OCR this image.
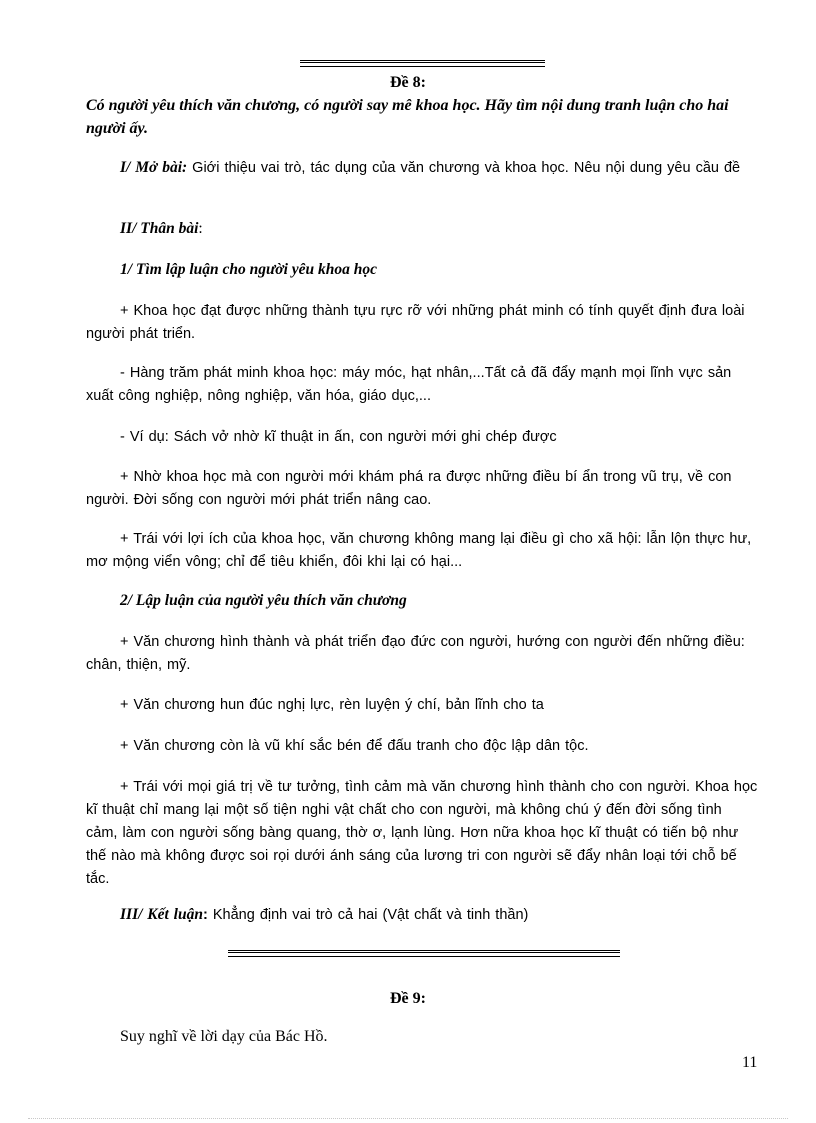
Đề 8:
Có người yêu thích văn chương, có người say mê khoa học. Hãy tìm nội dung tranh luận cho hai người ấy.
I/ Mở bài: Giới thiệu vai trò, tác dụng của văn chương và khoa học. Nêu nội dung yêu cầu đề
II/ Thân bài:
1/ Tìm lập luận cho người yêu khoa học
+ Khoa học đạt được những thành tựu rực rỡ với những phát minh có tính quyết định đưa loài người phát triển.
- Hàng trăm phát minh khoa học: máy móc, hạt nhân,...Tất cả đã đẩy mạnh mọi lĩnh vực sản xuất công nghiệp, nông nghiệp, văn hóa, giáo dục,...
- Ví dụ: Sách vở nhờ kĩ thuật in ấn, con người mới ghi chép được
+ Nhờ khoa học mà con người mới khám phá ra được những điều bí ẩn trong vũ trụ, về con người. Đời sống con người mới phát triển nâng cao.
+ Trái với lợi ích của khoa học, văn chương không mang lại điều gì cho xã hội: lẫn lộn thực hư, mơ mộng viển vông; chỉ để tiêu khiển, đôi khi lại có hại...
2/ Lập luận của người yêu thích văn chương
+ Văn chương hình thành và phát triển đạo đức con người, hướng con người đến những điều: chân, thiện, mỹ.
+ Văn chương hun đúc nghị lực, rèn luyện ý chí, bản lĩnh cho ta
+ Văn chương còn là vũ khí sắc bén để đấu tranh cho độc lập dân tộc.
+ Trái với mọi giá trị về tư tưởng, tình cảm mà văn chương hình thành cho con người. Khoa học kĩ thuật chỉ mang lại một số tiện nghi vật chất cho con người, mà không chú ý đến đời sống tình cảm, làm con người sống bàng quang, thờ ơ, lạnh lùng. Hơn nữa khoa học kĩ thuật có tiến bộ như thế nào mà không được soi rọi dưới ánh sáng của lương tri con người sẽ đẩy nhân loại tới chỗ bế tắc.
III/ Kết luận: Khẳng định vai trò cả hai (Vật chất và tinh thần)
Đề 9:
Suy nghĩ về lời dạy của Bác Hồ.
11
